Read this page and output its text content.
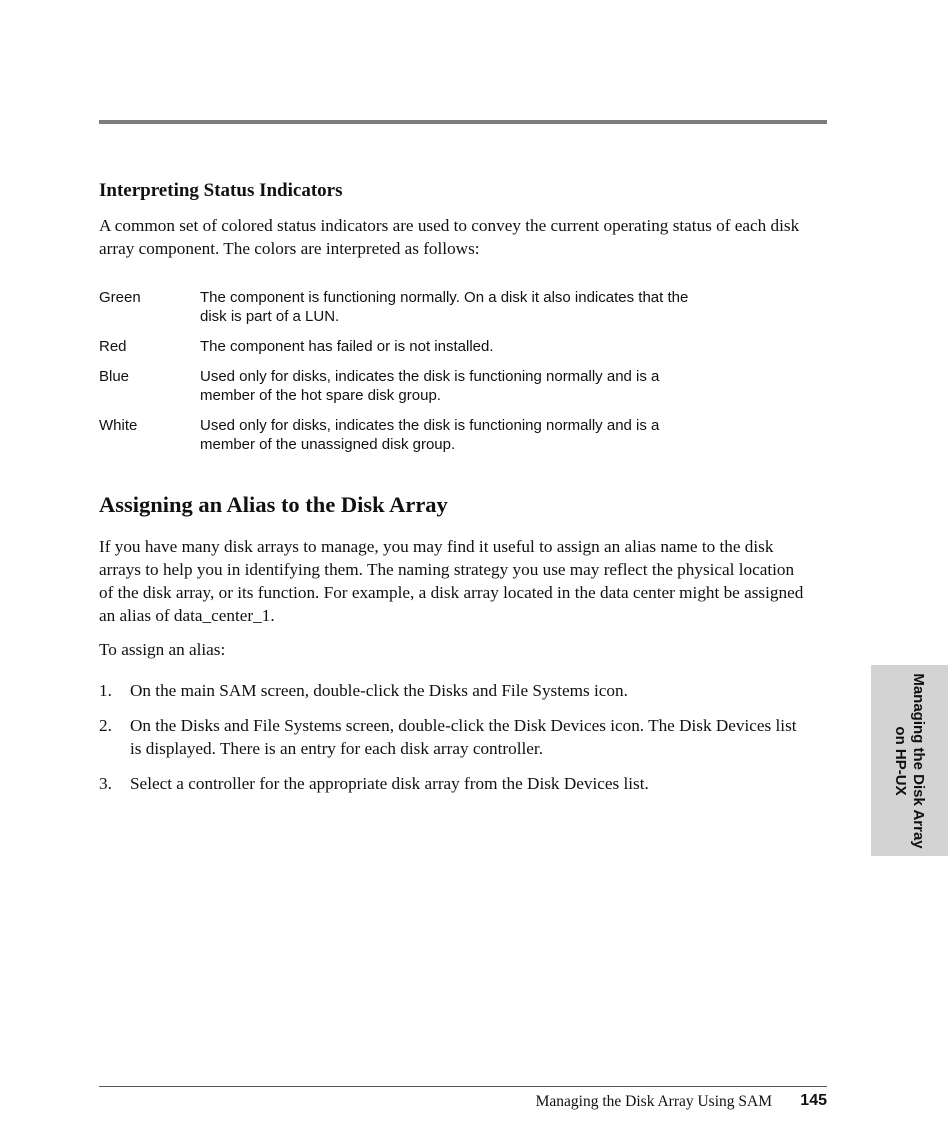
Interpreting Status Indicators

A common set of colored status indicators are used to convey the current operating status of each disk array component. The colors are interpreted as follows:

Green	The component is functioning normally. On a disk it also indicates that the
disk is part of a LUN.
Red	The component has failed or is not installed.
Blue	Used only for disks, indicates the disk is functioning normally and is a
member of the hot spare disk group.
White	Used only for disks, indicates the disk is functioning normally and is a
member of the unassigned disk group.
Assigning an Alias to the Disk Array

If you have many disk arrays to manage, you may find it useful to assign an alias name to the disk arrays to help you in identifying them. The naming strategy you use may reflect the physical location of the disk array, or its function. For example, a disk array located in the data center might be assigned an alias of data_center_1.

To assign an alias:

1.	On the main SAM screen, double-click the Disks and File Systems icon.
2.	On the Disks and File Systems screen, double-click the Disk Devices icon. The Disk Devices list is displayed. There is an entry for each disk array controller.
3.	Select a controller for the appropriate disk array from the Disk Devices list.	Managing the Disk Array
on HP-UX
Managing the Disk Array Using SAM	145
